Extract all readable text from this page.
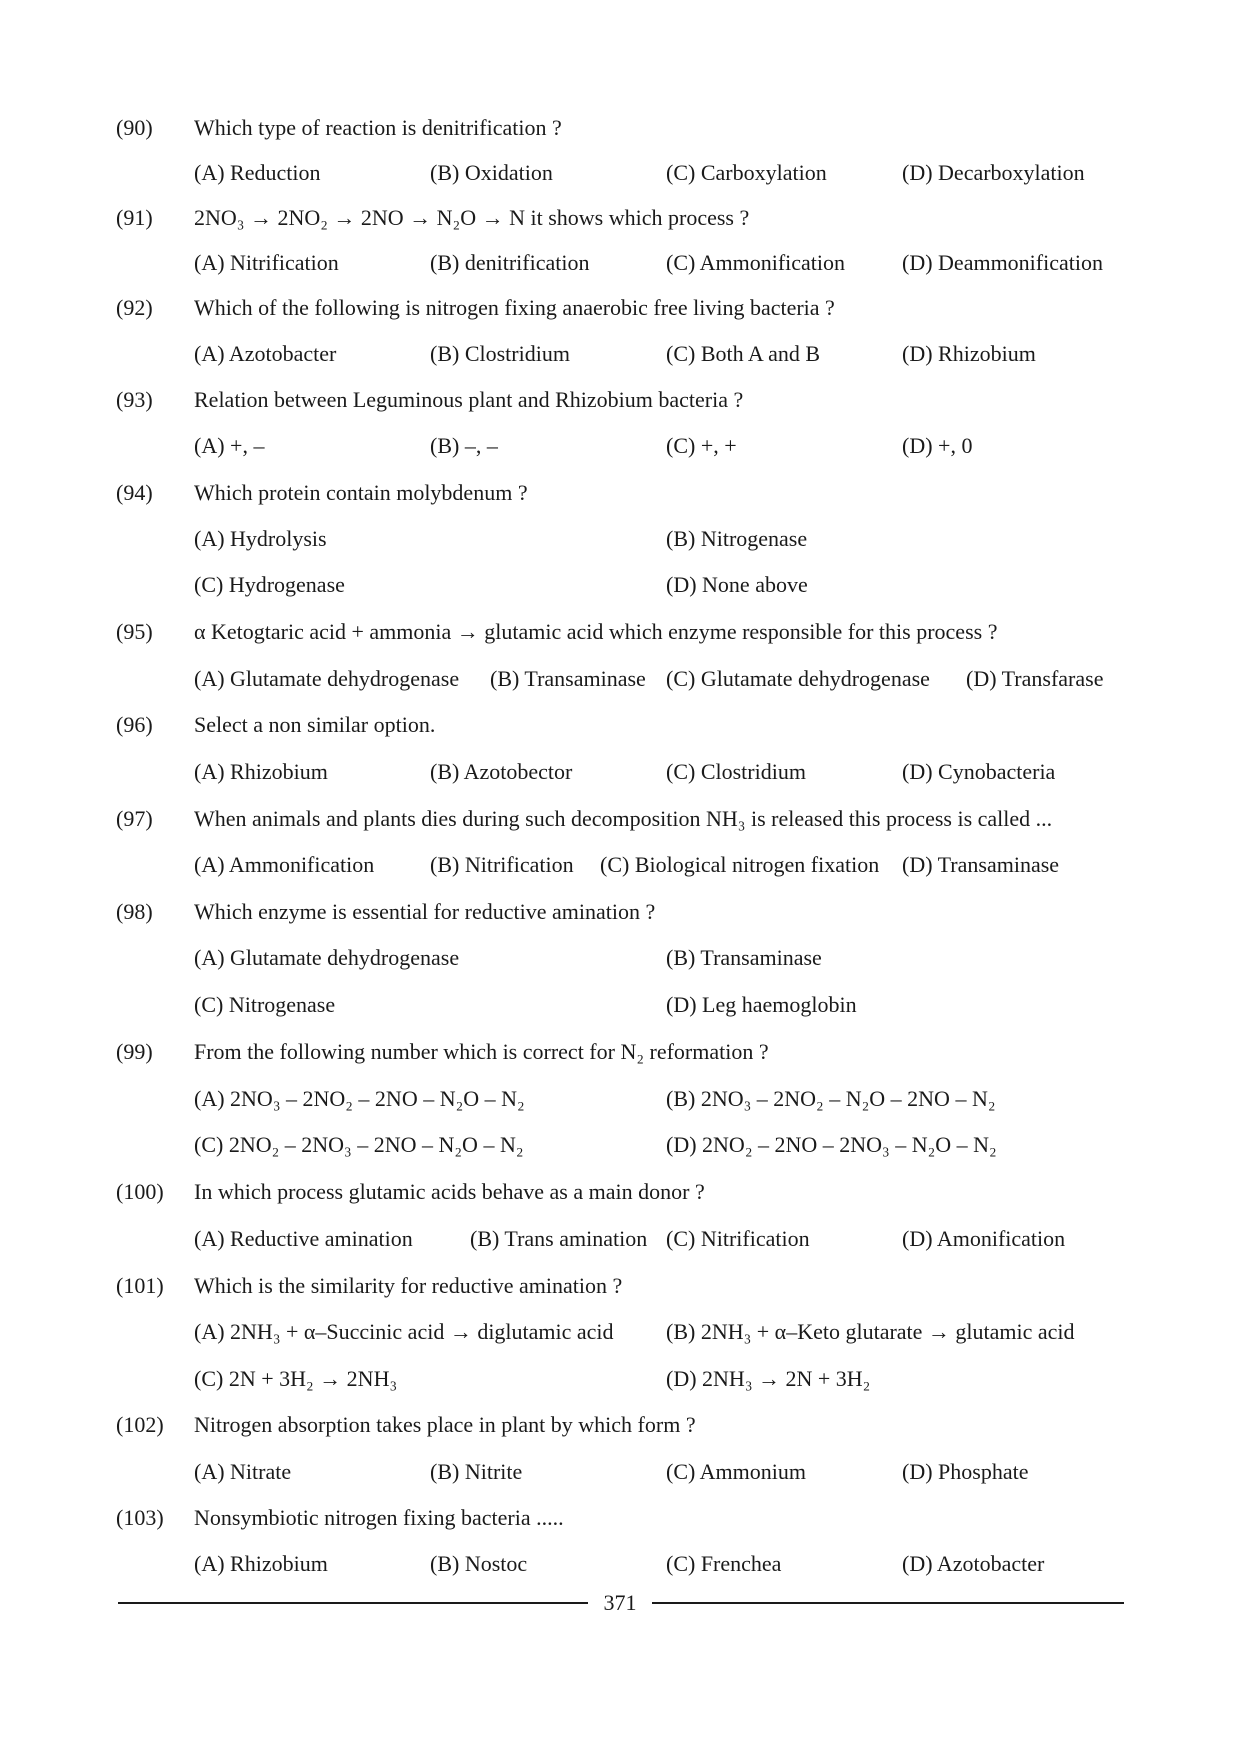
(90) Which type of reaction is denitrification ?
(A) Reduction	(B) Oxidation	(C) Carboxylation	(D) Decarboxylation
(91) 2NO₃ → 2NO₂ → 2NO → N₂O → N it shows which process ?
(A) Nitrification	(B) denitrification	(C) Ammonification	(D) Deammonification
(92) Which of the following is nitrogen fixing anaerobic free living bacteria ?
(A) Azotobacter	(B) Clostridium	(C) Both A and B	(D) Rhizobium
(93) Relation between Leguminous plant and Rhizobium bacteria ?
(A) +, –	(B) –, –	(C) +, +	(D) +, 0
(94) Which protein contain molybdenum ?
(A) Hydrolysis	(B) Nitrogenase
(C) Hydrogenase	(D) None above
(95) α Ketogtaric acid + ammonia → glutamic acid which enzyme responsible for this process ?
(A) Glutamate dehydrogenase (B) Transaminase (C) Glutamate dehydrogenase (D) Transfarase
(96) Select a non similar option.
(A) Rhizobium	(B) Azotobector	(C) Clostridium	(D) Cynobacteria
(97) When animals and plants dies during such decomposition NH₃ is released this process is called ...
(A) Ammonification	(B) Nitrification (C) Biological nitrogen fixation (D) Transaminase
(98) Which enzyme is essential for reductive amination ?
(A) Glutamate dehydrogenase	(B) Transaminase
(C) Nitrogenase	(D) Leg haemoglobin
(99) From the following number which is correct for N₂ reformation ?
(A) 2NO₃ – 2NO₂ – 2NO – N₂O – N₂	(B) 2NO₃ – 2NO₂ – N₂O – 2NO – N₂
(C) 2NO₂ – 2NO₃ – 2NO – N₂O – N₂	(D) 2NO₂ – 2NO – 2NO₃ – N₂O – N₂
(100) In which process glutamic acids behave as a main donor ?
(A) Reductive amination	(B) Trans amination (C) Nitrification	(D) Amonification
(101) Which is the similarity for reductive amination ?
(A) 2NH₃ + α–Succinic acid → diglutamic acid (B) 2NH₃ + α–Keto glutarate → glutamic acid
(C) 2N + 3H₂ → 2NH₃	(D) 2NH₃ → 2N + 3H₂
(102) Nitrogen absorption takes place in plant by which form ?
(A) Nitrate	(B) Nitrite	(C) Ammonium	(D) Phosphate
(103) Nonsymbiotic nitrogen fixing bacteria .....
(A) Rhizobium	(B) Nostoc	(C) Frenchea	(D) Azotobacter
371
